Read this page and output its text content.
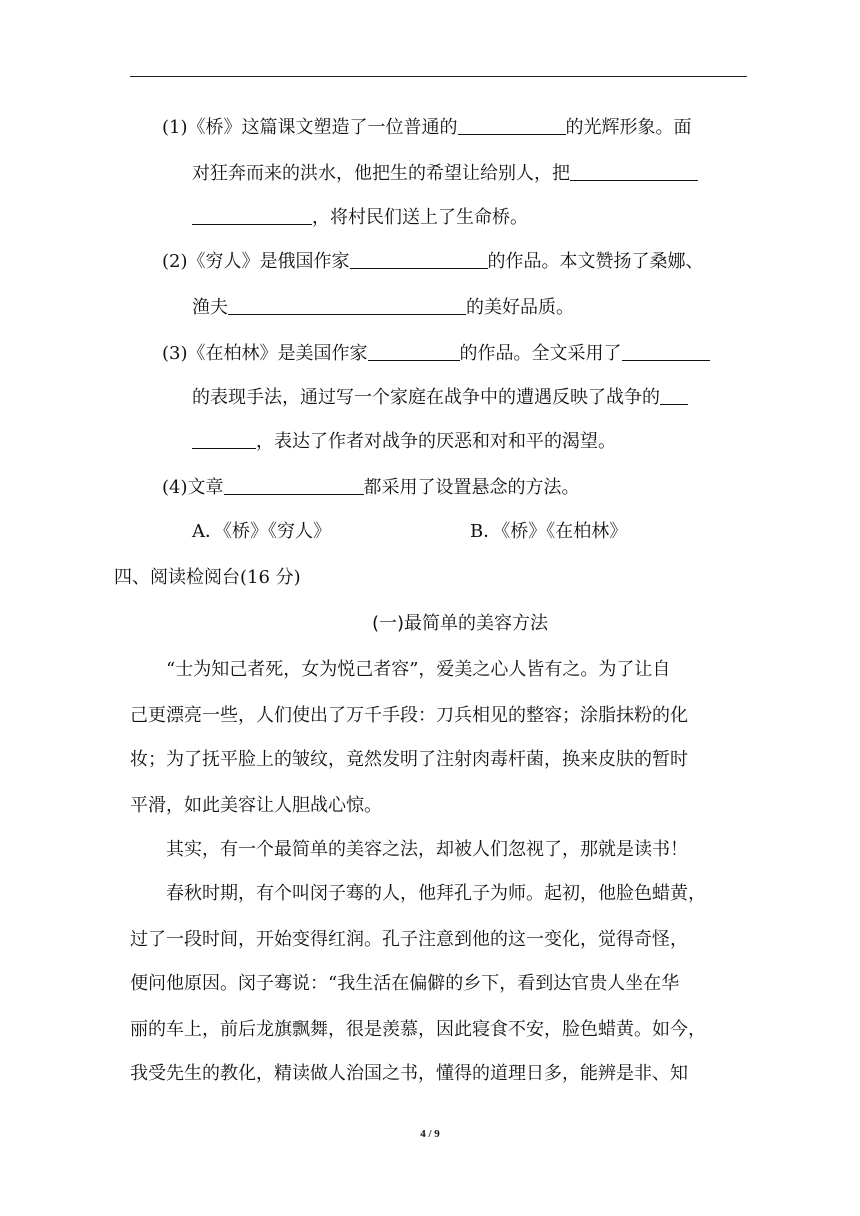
(1)《桥》这篇课文塑造了一位普通的	的光辉形象。面
对狂奔而来的洪水，他把生的希望让给别人，把
，将村民们送上了生命桥。
(2)《穷人》是俄国作家	的作品。本文赞扬了桑娜、
渔夫	的美好品质。
(3)《在柏林》是美国作家	的作品。全文采用了
的表现手法，通过写一个家庭在战争中的遭遇反映了战争的
，表达了作者对战争的厌恶和对和平的渴望。
(4)文章	都采用了设置悬念的方法。
A．《桥》《穷人》	B．《桥》《在柏林》
四、阅读检阅台(16 分)
(一)最简单的美容方法
“士为知己者死，女为悦己者容”，爱美之心人皆有之。为了让自
己更漂亮一些，人们使出了万千手段：刀兵相见的整容；涂脂抹粉的化
妆；为了抚平脸上的皱纹，竟然发明了注射肉毒杆菌，换来皮肤的暂时
平滑，如此美容让人胆战心惊。
其实，有一个最简单的美容之法，却被人们忽视了，那就是读书！
春秋时期，有个叫闵子骞的人，他拜孔子为师。起初，他脸色蜡黄，
过了一段时间，开始变得红润。孔子注意到他的这一变化，觉得奇怪，
便问他原因。闵子骞说：“我生活在偏僻的乡下，看到达官贵人坐在华
丽的车上，前后龙旗飘舞，很是羡慕，因此寝食不安，脸色蜡黄。如今，
我受先生的教化，精读做人治国之书，懂得的道理日多，能辨是非、知
4 / 9
